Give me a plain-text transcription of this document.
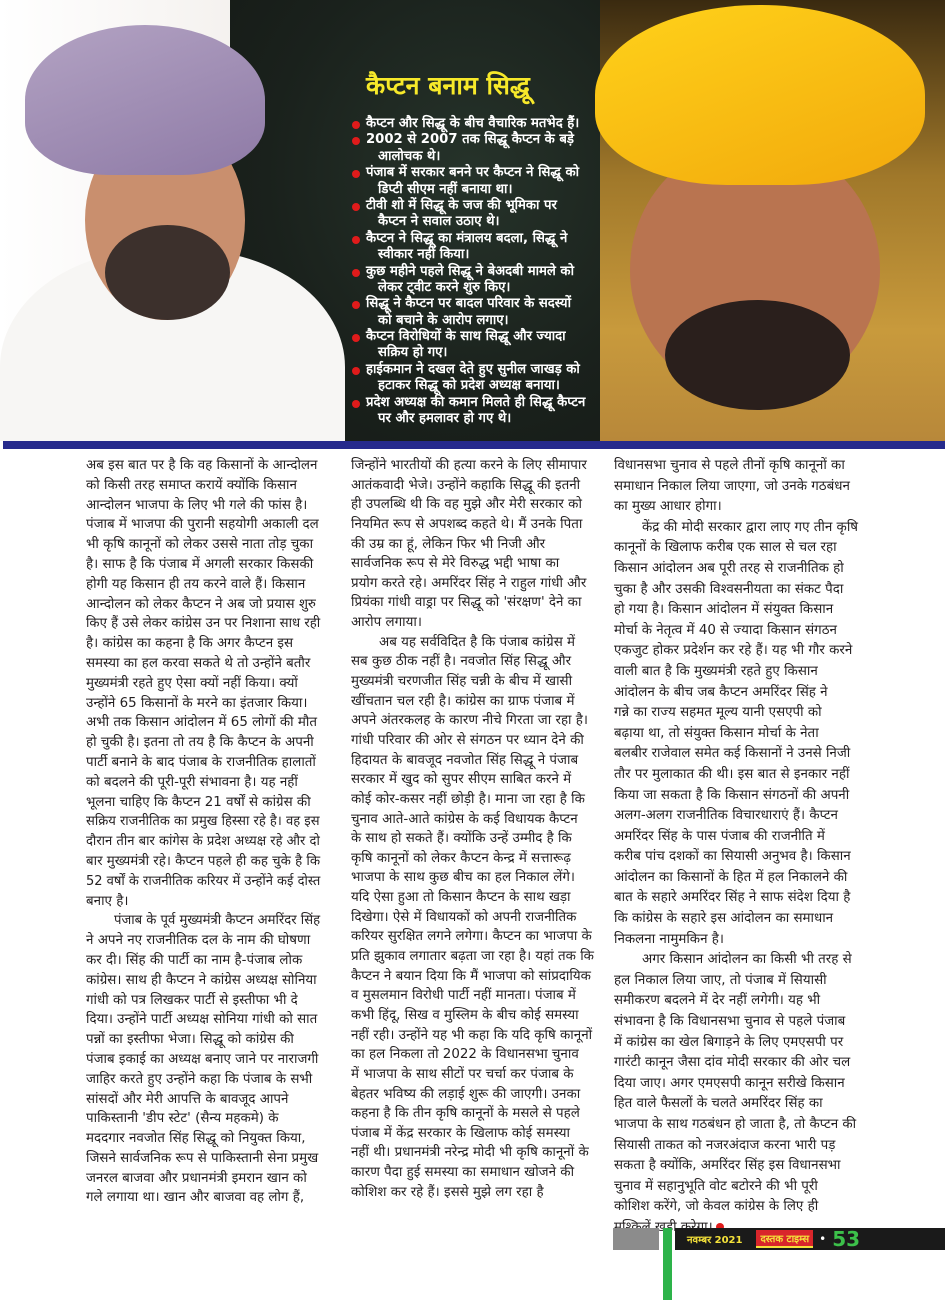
कैप्टन बनाम सिद्धू
कैप्टन और सिद्धू के बीच वैचारिक मतभेद हैं।
2002 से 2007 तक सिद्धू कैप्टन के बड़े
आलोचक थे।
पंजाब में सरकार बनने पर कैप्टन ने सिद्धू को
डिप्टी सीएम नहीं बनाया था।
टीवी शो में सिद्धू के जज की भूमिका पर
कैप्टन ने सवाल उठाए थे।
कैप्टन ने सिद्धू का मंत्रालय बदला, सिद्धू ने
स्वीकार नहीं किया।
कुछ महीने पहले सिद्धू ने बेअदबी मामले को
लेकर ट्वीट करने शुरु किए।
सिद्धू ने कैप्टन पर बादल परिवार के सदस्यों
को बचाने के आरोप लगाए।
कैप्टन विरोधियों के साथ सिद्धू और ज्यादा
सक्रिय हो गए।
हाईकमान ने दखल देते हुए सुनील जाखड़ को
हटाकर सिद्धू को प्रदेश अध्यक्ष बनाया।
प्रदेश अध्यक्ष की कमान मिलते ही सिद्धू कैप्टन
पर और हमलावर हो गए थे।
अब इस बात पर है कि वह किसानों के आन्दोलन
को किसी तरह समाप्त करायें क्योंकि किसान
आन्दोलन भाजपा के लिए भी गले की फांस है।
पंजाब में भाजपा की पुरानी सहयोगी अकाली दल
भी कृषि कानूनों को लेकर उससे नाता तोड़ चुका
है। साफ है कि पंजाब में अगली सरकार किसकी
होगी यह किसान ही तय करने वाले हैं। किसान
आन्दोलन को लेकर कैप्टन ने अब जो प्रयास शुरु
किए हैं उसे लेकर कांग्रेस उन पर निशाना साध रही
है। कांग्रेस का कहना है कि अगर कैप्टन इस
समस्या का हल करवा सकते थे तो उन्होंने बतौर
मुख्यमंत्री रहते हुए ऐसा क्यों नहीं किया। क्यों
उन्होंने 65 किसानों के मरने का इंतजार किया।
अभी तक किसान आंदोलन में 65 लोगों की मौत
हो चुकी है। इतना तो तय है कि कैप्टन के अपनी
पार्टी बनाने के बाद पंजाब के राजनीतिक हालातों
को बदलने की पूरी-पूरी संभावना है। यह नहीं
भूलना चाहिए कि कैप्टन 21 वर्षों से कांग्रेस की
सक्रिय राजनीतिक का प्रमुख हिस्सा रहे है। वह इस
दौरान तीन बार कांगेस के प्रदेश अध्यक्ष रहे और दो
बार मुख्यमंत्री रहे। कैप्टन पहले ही कह चुके है कि
52 वर्षों के राजनीतिक करियर में उन्होंने कई दोस्त
बनाए है।
पंजाब के पूर्व मुख्यमंत्री कैप्टन अमरिंदर सिंह
ने अपने नए राजनीतिक दल के नाम की घोषणा
कर दी। सिंह की पार्टी का नाम है-पंजाब लोक
कांग्रेस। साथ ही कैप्टन ने कांग्रेस अध्यक्ष सोनिया
गांधी को पत्र लिखकर पार्टी से इस्तीफा भी दे
दिया। उन्होंने पार्टी अध्यक्ष सोनिया गांधी को सात
पन्नों का इस्तीफा भेजा। सिद्धू को कांग्रेस की
पंजाब इकाई का अध्यक्ष बनाए जाने पर नाराजगी
जाहिर करते हुए उन्होंने कहा कि पंजाब के सभी
सांसदों और मेरी आपत्ति के बावजूद आपने
पाकिस्तानी 'डीप स्टेट' (सैन्य महकमे) के
मददगार नवजोत सिंह सिद्धू को नियुक्त किया,
जिसने सार्वजनिक रूप से पाकिस्तानी सेना प्रमुख
जनरल बाजवा और प्रधानमंत्री इमरान खान को
गले लगाया था। खान और बाजवा वह लोग हैं,
जिन्होंने भारतीयों की हत्या करने के लिए सीमापार
आतंकवादी भेजे। उन्होंने कहाकि सिद्धू की इतनी
ही उपलब्धि थी कि वह मुझे और मेरी सरकार को
नियमित रूप से अपशब्द कहते थे। मैं उनके पिता
की उम्र का हूं, लेकिन फिर भी निजी और
सार्वजनिक रूप से मेरे विरुद्ध भद्दी भाषा का
प्रयोग करते रहे। अमरिंदर सिंह ने राहुल गांधी और
प्रियंका गांधी वाड्रा पर सिद्धू को 'संरक्षण' देने का
आरोप लगाया।
अब यह सर्वविदित है कि पंजाब कांग्रेस में
सब कुछ ठीक नहीं है। नवजोत सिंह सिद्धू और
मुख्यमंत्री चरणजीत सिंह चन्नी के बीच में खासी
खींचतान चल रही है। कांग्रेस का ग्राफ पंजाब में
अपने अंतरकलह के कारण नीचे गिरता जा रहा है।
गांधी परिवार की ओर से संगठन पर ध्यान देने की
हिदायत के बावजूद नवजोत सिंह सिद्धू ने पंजाब
सरकार में खुद को सुपर सीएम साबित करने में
कोई कोर-कसर नहीं छोड़ी है। माना जा रहा है कि
चुनाव आते-आते कांग्रेस के कई विधायक कैप्टन
के साथ हो सकते हैं। क्योंकि उन्हें उम्मीद है कि
कृषि कानूनों को लेकर कैप्टन केन्द्र में सत्तारूढ़
भाजपा के साथ कुछ बीच का हल निकाल लेंगे।
यदि ऐसा हुआ तो किसान कैप्टन के साथ खड़ा
दिखेगा। ऐसे में विधायकों को अपनी राजनीतिक
करियर सुरक्षित लगने लगेगा। कैप्टन का भाजपा के
प्रति झुकाव लगातार बढ़ता जा रहा है। यहां तक कि
कैप्टन ने बयान दिया कि मैं भाजपा को सांप्रदायिक
व मुसलमान विरोधी पार्टी नहीं मानता। पंजाब में
कभी हिंदू, सिख व मुस्लिम के बीच कोई समस्या
नहीं रही। उन्होंने यह भी कहा कि यदि कृषि कानूनों
का हल निकला तो 2022 के विधानसभा चुनाव
में भाजपा के साथ सीटों पर चर्चा कर पंजाब के
बेहतर भविष्य की लड़ाई शुरू की जाएगी। उनका
कहना है कि तीन कृषि कानूनों के मसले से पहले
पंजाब में केंद्र सरकार के खिलाफ कोई समस्या
नहीं थी। प्रधानमंत्री नरेन्द्र मोदी भी कृषि कानूनों के
कारण पैदा हुई समस्या का समाधान खोजने की
कोशिश कर रहे हैं। इससे मुझे लग रहा है
विधानसभा चुनाव से पहले तीनों कृषि कानूनों का
समाधान निकाल लिया जाएगा, जो उनके गठबंधन
का मुख्य आधार होगा।
केंद्र की मोदी सरकार द्वारा लाए गए तीन कृषि
कानूनों के खिलाफ करीब एक साल से चल रहा
किसान आंदोलन अब पूरी तरह से राजनीतिक हो
चुका है और उसकी विश्वसनीयता का संकट पैदा
हो गया है। किसान आंदोलन में संयुक्त किसान
मोर्चा के नेतृत्व में 40 से ज्यादा किसान संगठन
एकजुट होकर प्रदेर्शन कर रहे हैं। यह भी गौर करने
वाली बात है कि मुख्यमंत्री रहते हुए किसान
आंदोलन के बीच जब कैप्टन अमरिंदर सिंह ने
गन्ने का राज्य सहमत मूल्य यानी एसएपी को
बढ़ाया था, तो संयुक्त किसान मोर्चा के नेता
बलबीर राजेवाल समेत कई किसानों ने उनसे निजी
तौर पर मुलाकात की थी। इस बात से इनकार नहीं
किया जा सकता है कि किसान संगठनों की अपनी
अलग-अलग राजनीतिक विचारधाराएं हैं। कैप्टन
अमरिंदर सिंह के पास पंजाब की राजनीति में
करीब पांच दशकों का सियासी अनुभव है। किसान
आंदोलन का किसानों के हित में हल निकालने की
बात के सहारे अमरिंदर सिंह ने साफ संदेश दिया है
कि कांग्रेस के सहारे इस आंदोलन का समाधान
निकलना नामुमकिन है।
अगर किसान आंदोलन का किसी भी तरह से
हल निकाल लिया जाए, तो पंजाब में सियासी
समीकरण बदलने में देर नहीं लगेगी। यह भी
संभावना है कि विधानसभा चुनाव से पहले पंजाब
में कांग्रेस का खेल बिगाड़ने के लिए एमएसपी पर
गारंटी कानून जैसा दांव मोदी सरकार की ओर चल
दिया जाए। अगर एमएसपी कानून सरीखे किसान
हित वाले फैसलों के चलते अमरिंदर सिंह का
भाजपा के साथ गठबंधन हो जाता है, तो कैप्टन की
सियासी ताकत को नजरअंदाज करना भारी पड़
सकता है क्योंकि, अमरिंदर सिंह इस विधानसभा
चुनाव में सहानुभूति वोट बटोरने की भी पूरी
कोशिश करेंगे, जो केवल कांग्रेस के लिए ही
नवम्बर 2021	दस्तक टाइम्स • 53
